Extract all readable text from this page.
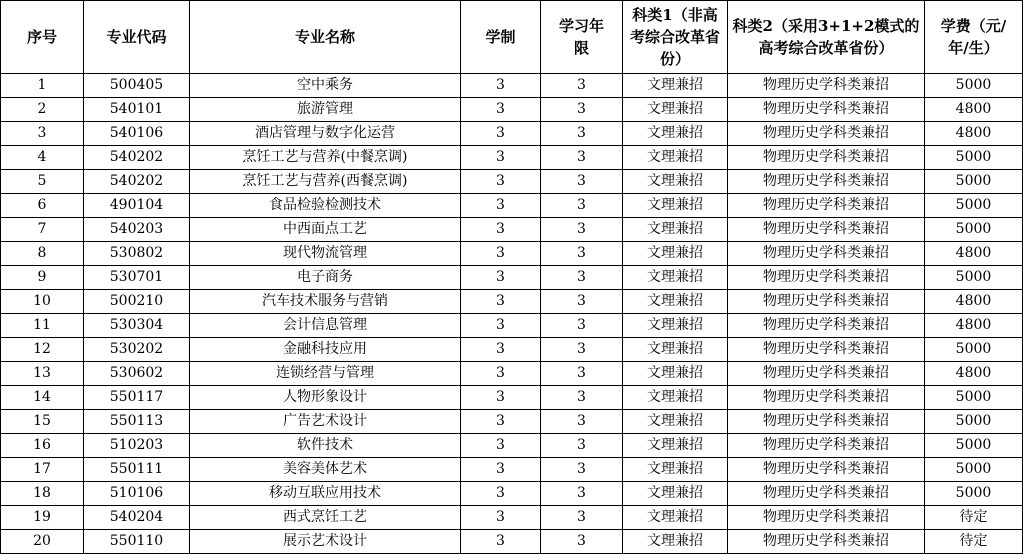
序号	专业代码	专业名称	学制	学习年限	科类1（非高考综合改革省份）	科类2（采用3+1+2模式的高考综合改革省份）	学费（元/年/生）
1	500405	空中乘务	3	3	文理兼招	物理历史学科类兼招	5000
2	540101	旅游管理	3	3	文理兼招	物理历史学科类兼招	4800
3	540106	酒店管理与数字化运营	3	3	文理兼招	物理历史学科类兼招	4800
4	540202	烹饪工艺与营养(中餐烹调)	3	3	文理兼招	物理历史学科类兼招	5000
5	540202	烹饪工艺与营养(西餐烹调)	3	3	文理兼招	物理历史学科类兼招	5000
6	490104	食品检验检测技术	3	3	文理兼招	物理历史学科类兼招	5000
7	540203	中西面点工艺	3	3	文理兼招	物理历史学科类兼招	5000
8	530802	现代物流管理	3	3	文理兼招	物理历史学科类兼招	4800
9	530701	电子商务	3	3	文理兼招	物理历史学科类兼招	5000
10	500210	汽车技术服务与营销	3	3	文理兼招	物理历史学科类兼招	4800
11	530304	会计信息管理	3	3	文理兼招	物理历史学科类兼招	4800
12	530202	金融科技应用	3	3	文理兼招	物理历史学科类兼招	5000
13	530602	连锁经营与管理	3	3	文理兼招	物理历史学科类兼招	4800
14	550117	人物形象设计	3	3	文理兼招	物理历史学科类兼招	5000
15	550113	广告艺术设计	3	3	文理兼招	物理历史学科类兼招	5000
16	510203	软件技术	3	3	文理兼招	物理历史学科类兼招	5000
17	550111	美容美体艺术	3	3	文理兼招	物理历史学科类兼招	5000
18	510106	移动互联应用技术	3	3	文理兼招	物理历史学科类兼招	5000
19	540204	西式烹饪工艺	3	3	文理兼招	物理历史学科类兼招	待定
20	550110	展示艺术设计	3	3	文理兼招	物理历史学科类兼招	待定
